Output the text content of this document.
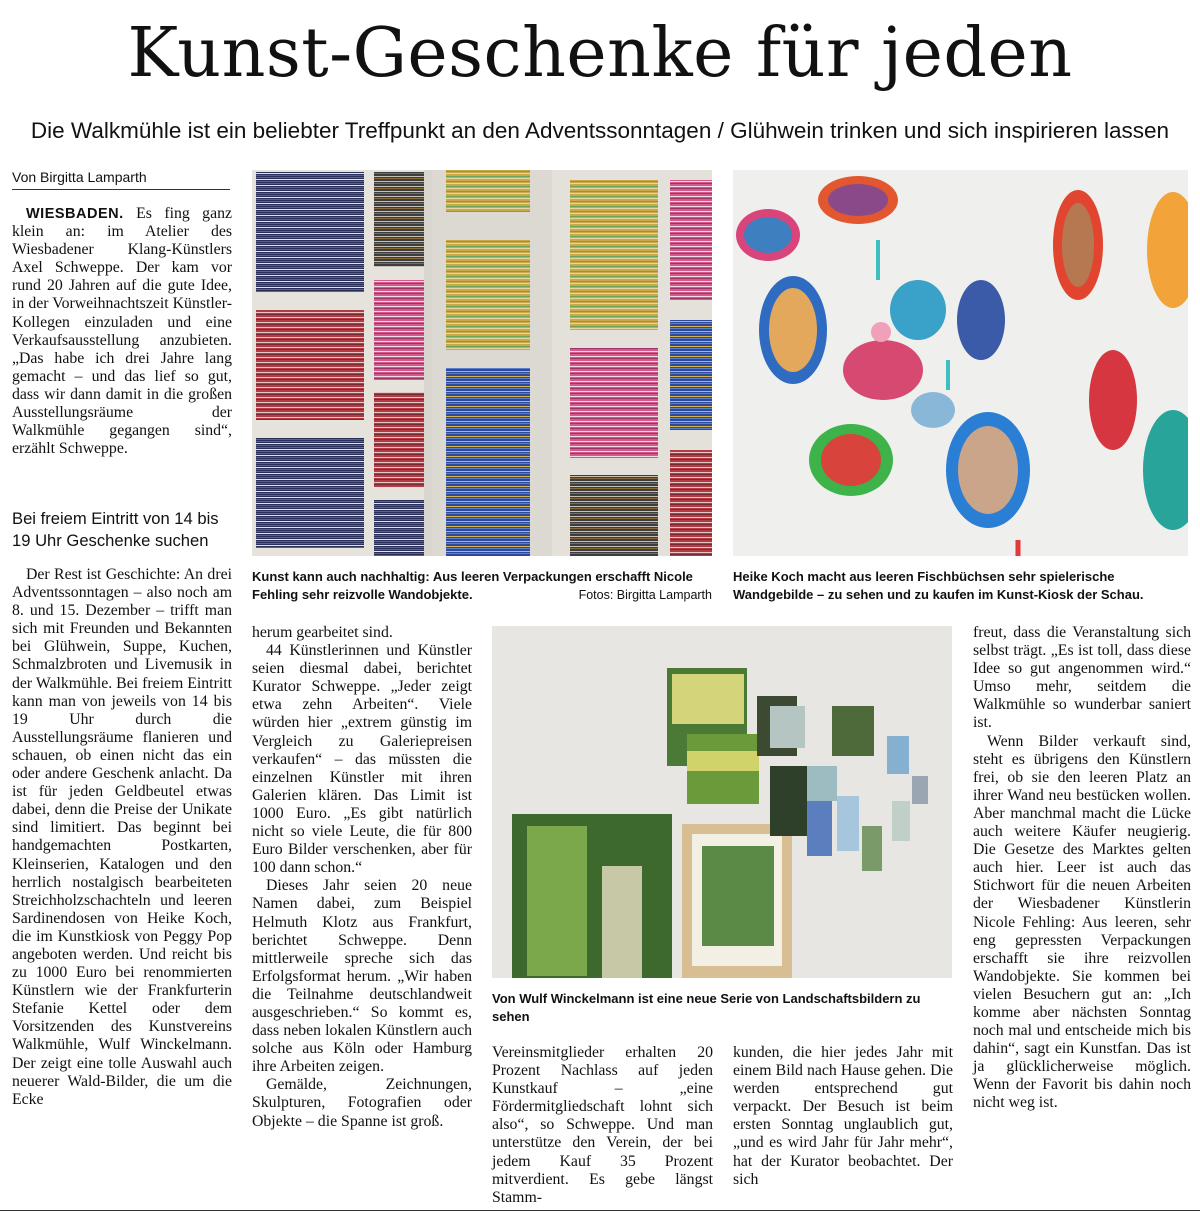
Kunst-Geschenke für jeden
Die Walkmühle ist ein beliebter Treffpunkt an den Adventssonntagen / Glühwein trinken und sich inspirieren lassen
Von Birgitta Lamparth

WIESBADEN. Es fing ganz klein an: im Atelier des Wiesbadener Klang-Künstlers Axel Schweppe. Der kam vor rund 20 Jahren auf die gute Idee, in der Vorweihnachtszeit Künstler-Kollegen einzuladen und eine Verkaufsausstellung anzubieten. „Das habe ich drei Jahre lang gemacht – und das lief so gut, dass wir dann damit in die großen Ausstellungsräume der Walkmühle gegangen sind“, erzählt Schweppe.

Bei freiem Eintritt von 14 bis 19 Uhr Geschenke suchen

Der Rest ist Geschichte: An drei Adventssonntagen – also noch am 8. und 15. Dezember – trifft man sich mit Freunden und Bekannten bei Glühwein, Suppe, Kuchen, Schmalzbroten und Livemusik in der Walkmühle. Bei freiem Eintritt kann man von jeweils von 14 bis 19 Uhr durch die Ausstellungsräume flanieren und schauen, ob einen nicht das ein oder andere Geschenk anlacht. Da ist für jeden Geldbeutel etwas dabei, denn die Preise der Unikate sind limitiert. Das beginnt bei handgemachten Postkarten, Kleinserien, Katalogen und den herrlich nostalgisch bearbeiteten Streichholzschachteln und leeren Sardinendosen von Heike Koch, die im Kunstkiosk von Peggy Pop angeboten werden. Und reicht bis zu 1000 Euro bei renommierten Künstlern wie der Frankfurterin Stefanie Kettel oder dem Vorsitzenden des Kunstvereins Walkmühle, Wulf Winckelmann. Der zeigt eine tolle Auswahl auch neuerer Wald-Bilder, die um die Ecke

Kunst kann auch nachhaltig: Aus leeren Verpackungen erschafft Nicole Fehling sehr reizvolle Wandobjekte.	Fotos: Birgitta Lamparth
Heike Koch macht aus leeren Fischbüchsen sehr spielerische Wandgebilde – zu sehen und zu kaufen im Kunst-Kiosk der Schau.
Von Wulf Winckelmann ist eine neue Serie von Landschaftsbildern zu sehen

herum gearbeitet sind.

44 Künstlerinnen und Künstler seien diesmal dabei, berichtet Kurator Schweppe. „Jeder zeigt etwa zehn Arbeiten“. Viele würden hier „extrem günstig im Vergleich zu Galeriepreisen verkaufen“ – das müssten die einzelnen Künstler mit ihren Galerien klären. Das Limit ist 1000 Euro. „Es gibt natürlich nicht so viele Leute, die für 800 Euro Bilder verschenken, aber für 100 dann schon.“

Dieses Jahr seien 20 neue Namen dabei, zum Beispiel Helmuth Klotz aus Frankfurt, berichtet Schweppe. Denn mittlerweile spreche sich das Erfolgsformat herum. „Wir haben die Teilnahme deutschlandweit ausgeschrieben.“ So kommt es, dass neben lokalen Künstlern auch solche aus Köln oder Hamburg ihre Arbeiten zeigen.

Gemälde, Zeichnungen, Skulpturen, Fotografien oder Objekte – die Spanne ist groß.

Vereinsmitglieder erhalten 20 Prozent Nachlass auf jeden Kunstkauf – „eine Fördermitgliedschaft lohnt sich also“, so Schweppe. Und man unterstütze den Verein, der bei jedem Kauf 35 Prozent mitverdient. Es gebe längst Stamm-

kunden, die hier jedes Jahr mit einem Bild nach Hause gehen. Die werden entsprechend gut verpackt. Der Besuch ist beim ersten Sonntag unglaublich gut, „und es wird Jahr für Jahr mehr“, hat der Kurator beobachtet. Der sich

freut, dass die Veranstaltung sich selbst trägt. „Es ist toll, dass diese Idee so gut angenommen wird.“ Umso mehr, seitdem die Walkmühle so wunderbar saniert ist.

Wenn Bilder verkauft sind, steht es übrigens den Künstlern frei, ob sie den leeren Platz an ihrer Wand neu bestücken wollen. Aber manchmal macht die Lücke auch weitere Käufer neugierig. Die Gesetze des Marktes gelten auch hier. Leer ist auch das Stichwort für die neuen Arbeiten der Wiesbadener Künstlerin Nicole Fehling: Aus leeren, sehr eng gepressten Verpackungen erschafft sie ihre reizvollen Wandobjekte. Sie kommen bei vielen Besuchern gut an: „Ich komme aber nächsten Sonntag noch mal und entscheide mich bis dahin“, sagt ein Kunstfan. Das ist ja glücklicherweise möglich. Wenn der Favorit bis dahin noch nicht weg ist.
